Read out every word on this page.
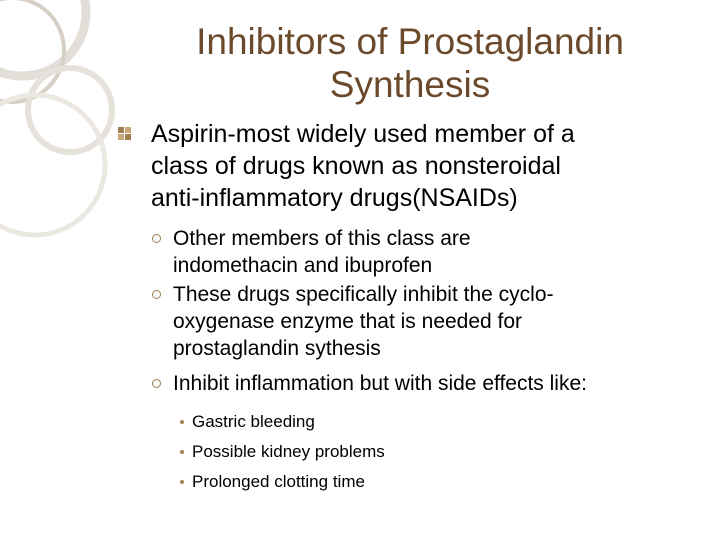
Inhibitors of Prostaglandin
Synthesis
Aspirin-most widely used member of a
class of drugs known as nonsteroidal
anti-inflammatory drugs(NSAIDs)
Other members of this class are
indomethacin and ibuprofen
These drugs specifically inhibit the cyclo-
oxygenase enzyme that is needed for
prostaglandin sythesis
Inhibit inflammation but with side effects like:
Gastric bleeding
Possible kidney problems
Prolonged clotting time
